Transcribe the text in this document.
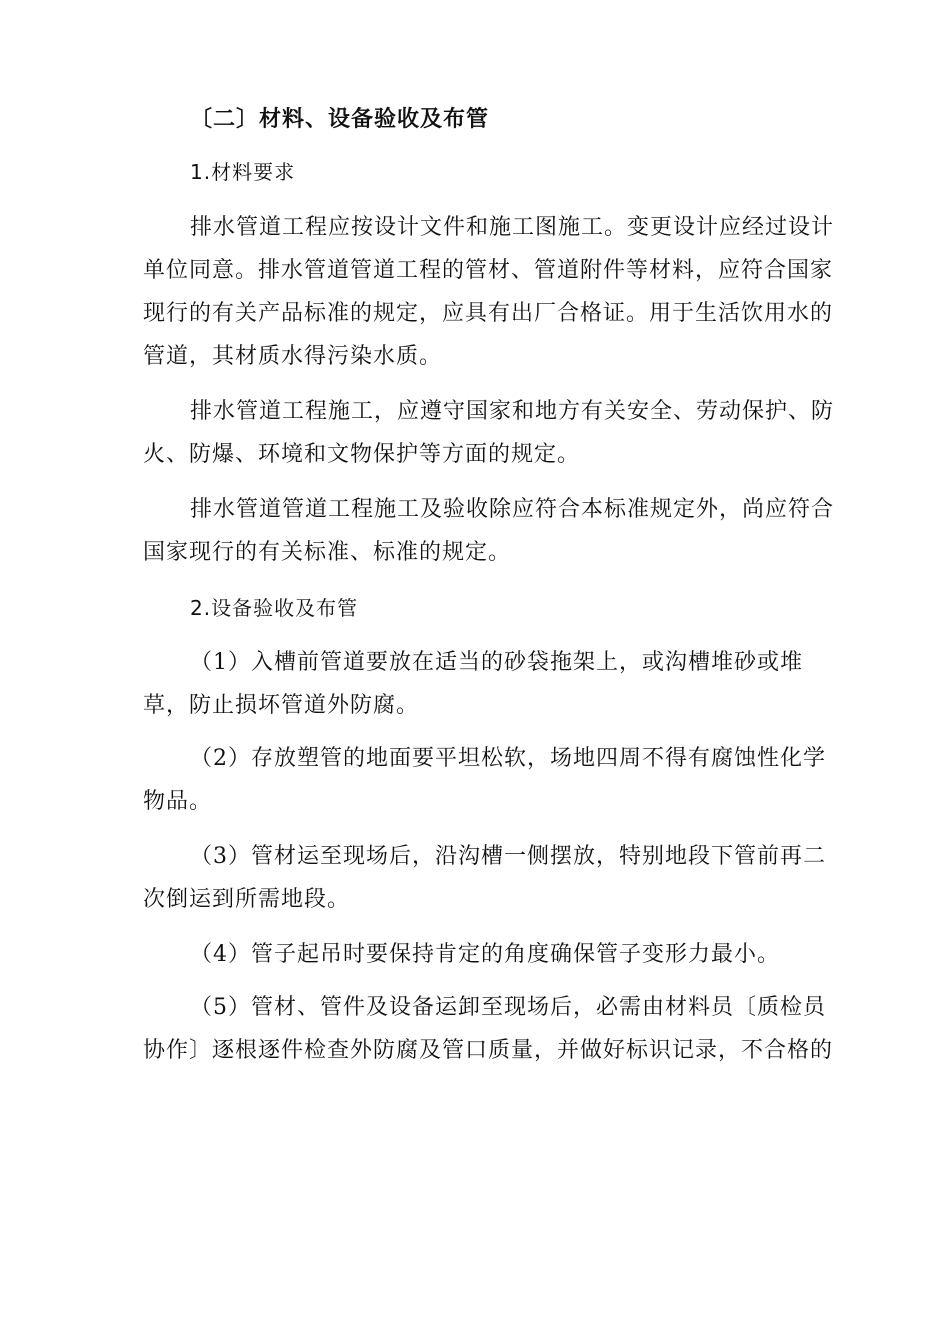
〔二〕材料、设备验收及布管
1.材料要求
排水管道工程应按设计文件和施工图施工。变更设计应经过设计
单位同意。排水管道管道工程的管材、管道附件等材料，应符合国家
现行的有关产品标准的规定，应具有出厂合格证。用于生活饮用水的
管道，其材质水得污染水质。
排水管道工程施工，应遵守国家和地方有关安全、劳动保护、防
火、防爆、环境和文物保护等方面的规定。
排水管道管道工程施工及验收除应符合本标准规定外，尚应符合
国家现行的有关标准、标准的规定。
2.设备验收及布管
（1）入槽前管道要放在适当的砂袋拖架上，或沟槽堆砂或堆
草，防止损坏管道外防腐。
（2）存放塑管的地面要平坦松软，场地四周不得有腐蚀性化学
物品。
（3）管材运至现场后，沿沟槽一侧摆放，特别地段下管前再二
次倒运到所需地段。
（4）管子起吊时要保持肯定的角度确保管子变形力最小。
（5）管材、管件及设备运卸至现场后，必需由材料员〔质检员
协作〕逐根逐件检查外防腐及管口质量，并做好标识记录，不合格的
